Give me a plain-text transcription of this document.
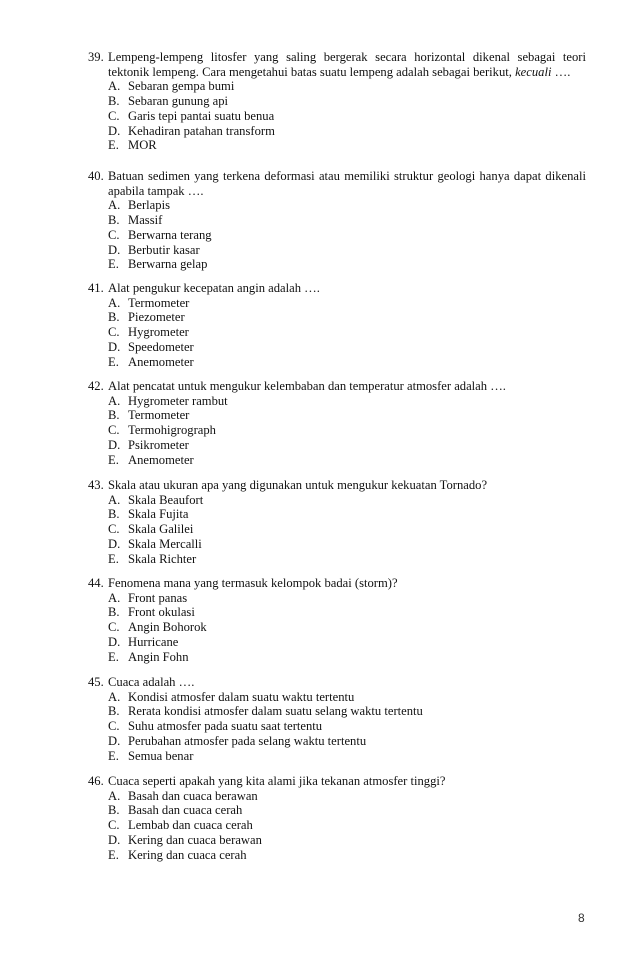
39. Lempeng-lempeng litosfer yang saling bergerak secara horizontal dikenal sebagai teori tektonik lempeng. Cara mengetahui batas suatu lempeng adalah sebagai berikut, kecuali ….
A. Sebaran gempa bumi
B. Sebaran gunung api
C. Garis tepi pantai suatu benua
D. Kehadiran patahan transform
E. MOR
40. Batuan sedimen yang terkena deformasi atau memiliki struktur geologi hanya dapat dikenali apabila tampak ….
A. Berlapis
B. Massif
C. Berwarna terang
D. Berbutir kasar
E. Berwarna gelap
41. Alat pengukur kecepatan angin adalah ….
A. Termometer
B. Piezometer
C. Hygrometer
D. Speedometer
E. Anemometer
42. Alat pencatat untuk mengukur kelembaban dan temperatur atmosfer adalah ….
A. Hygrometer rambut
B. Termometer
C. Termohigrograph
D. Psikrometer
E. Anemometer
43. Skala atau ukuran apa yang digunakan untuk mengukur kekuatan Tornado?
A. Skala Beaufort
B. Skala Fujita
C. Skala Galilei
D. Skala Mercalli
E. Skala Richter
44. Fenomena mana yang termasuk kelompok badai (storm)?
A. Front panas
B. Front okulasi
C. Angin Bohorok
D. Hurricane
E. Angin Fohn
45. Cuaca adalah ….
A. Kondisi atmosfer dalam suatu waktu tertentu
B. Rerata kondisi atmosfer dalam suatu selang waktu tertentu
C. Suhu atmosfer pada suatu saat tertentu
D. Perubahan atmosfer pada selang waktu tertentu
E. Semua benar
46. Cuaca seperti apakah yang kita alami jika tekanan atmosfer tinggi?
A. Basah dan cuaca berawan
B. Basah dan cuaca cerah
C. Lembab dan cuaca cerah
D. Kering dan cuaca berawan
E. Kering dan cuaca cerah
8
